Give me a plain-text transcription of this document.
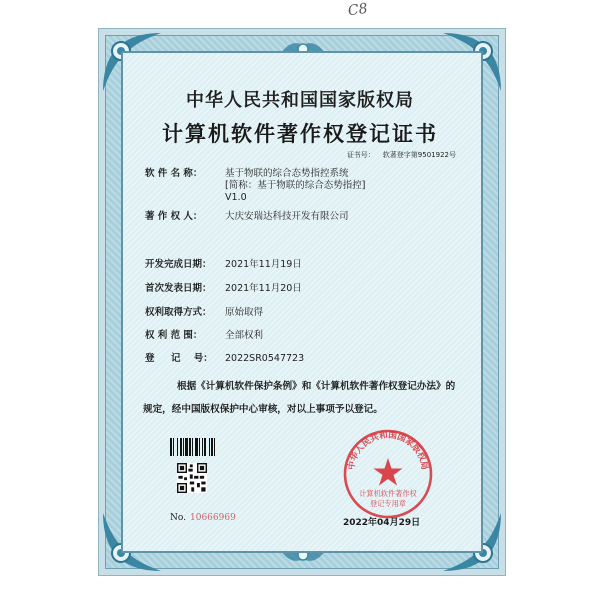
C8
中华人民共和国国家版权局
计算机软件著作权登记证书
证书号： 软著登字第9501922号
软 件 名 称： 基于物联的综合态势指控系统
[简称：基于物联的综合态势指控]
V1.0
著 作 权 人： 大庆安瑞达科技开发有限公司
开发完成日期： 2021年11月19日
首次发表日期： 2021年11月20日
权利取得方式： 原始取得
权 利 范 围： 全部权利
登     记    号： 2022SR0547723
根据《计算机软件保护条例》和《计算机软件著作权登记办法》的
规定，经中国版权保护中心审核，对以上事项予以登记。
No. 10666969
中华人民共和国国家版权局
计算机软件著作权
登记专用章
2022年04月29日
